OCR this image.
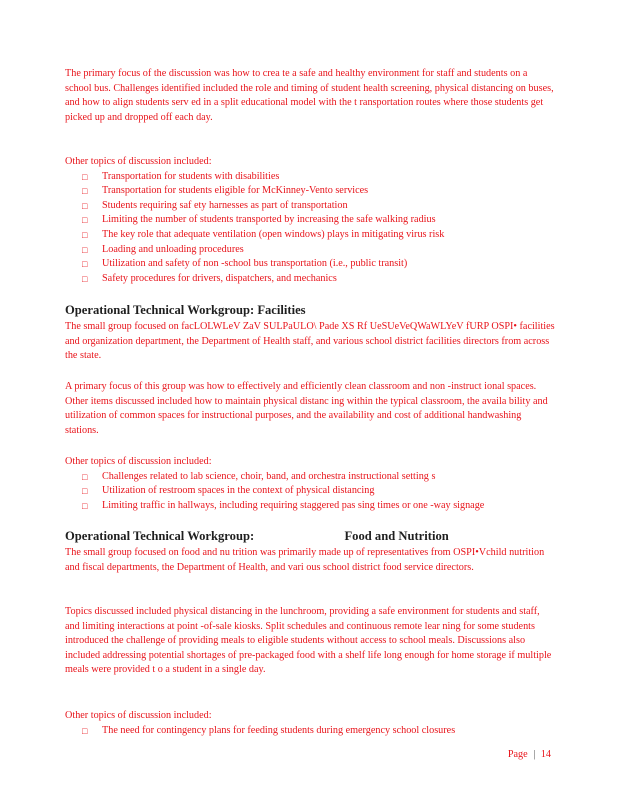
The primary focus of the discussion was how to crea te a safe and healthy environment for staff and students on a school bus. Challenges identified included the role and timing of student health screening, physical distancing on buses, and how to align students serv ed in a split educational model with the t ransportation routes where those students get picked up and dropped off each day.

Other topics of discussion included:
□ Transportation for students with disabilities
□ Transportation for students eligible for McKinney-Vento services
□ Students requiring saf ety harnesses as part of transportation
□ Limiting the number of students transported by increasing the safe walking radius
□ The key role that adequate ventilation (open windows) plays in mitigating virus risk
□ Loading and unloading procedures
□ Utilization and safety of non -school bus transportation (i.e., public transit)
□ Safety procedures for drivers, dispatchers, and mechanics
Operational Technical Workgroup: Facilities

The small group focused on facLOLWLeV ZaV SULPaULO\ Pade XS Rf UeSUeVeQWaWLYeV fURP OSPI• facilities and organization department, the Department of Health staff, and various school district facilities directors from across the state.

A primary focus of this group was how to effectively and efficiently clean classroom and non -instruct ional spaces. Other items discussed included how to maintain physical distanc ing within the typical classroom, the availa bility and utilization of common spaces for instructional purposes, and the availability and cost of additional handwashing stations.

Other topics of discussion included:
□ Challenges related to lab science, choir, band, and orchestra instructional setting s
□ Utilization of restroom spaces in the context of physical distancing
□ Limiting traffic in hallways, including requiring staggered pas sing times or one -way signage
Operational Technical Workgroup:	Food and Nutrition

The small group focused on food and nu trition was primarily made up of representatives from OSPI•Vchild nutrition and fiscal departments, the Department of Health, and vari ous school district food service directors.

Topics discussed included physical distancing in the lunchroom, providing a safe environment for students and staff, and limiting interactions at point -of-sale kiosks. Split schedules and continuous remote lear ning for some students introduced the challenge of providing meals to eligible students without access to school meals. Discussions also included addressing potential shortages of pre-packaged food with a shelf life long enough for home storage if multiple meals were provided t o a student in a single day.

Other topics of discussion included:
□ The need for contingency plans for feeding students during emergency school closures
Page | 14
